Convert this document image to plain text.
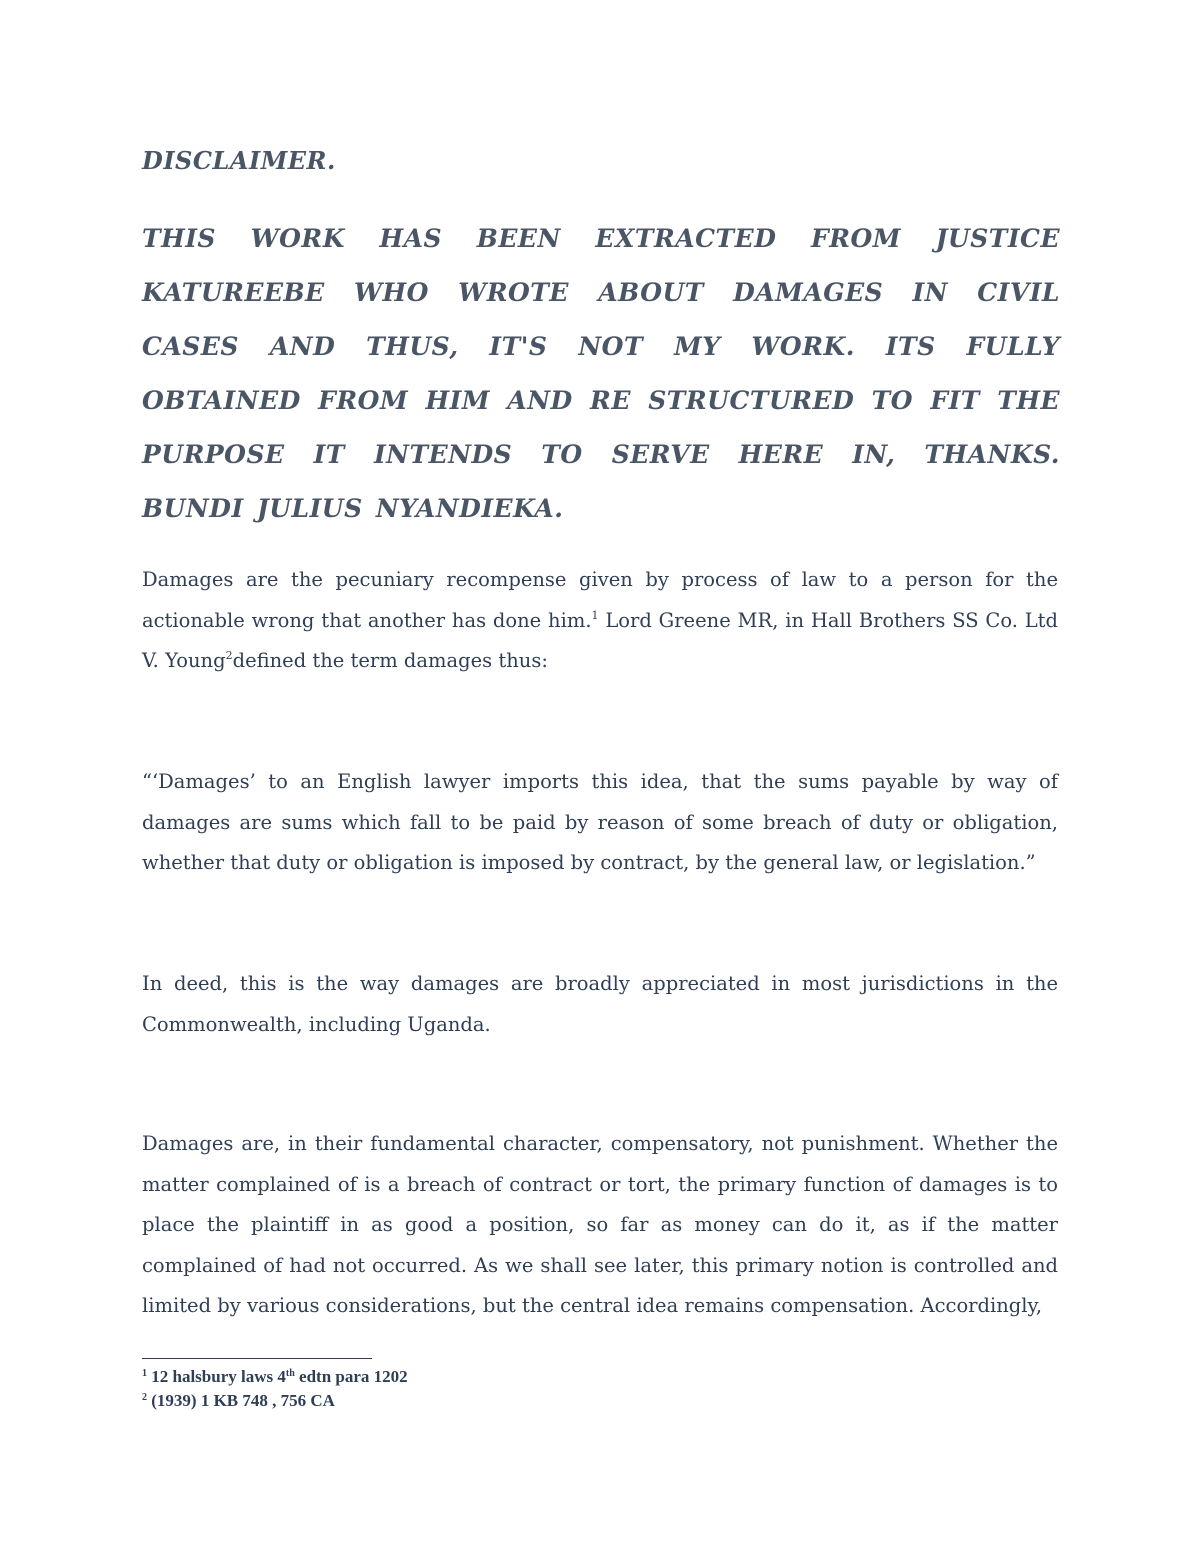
DISCLAIMER.
THIS WORK HAS BEEN EXTRACTED FROM JUSTICE KATUREEBE WHO WROTE ABOUT DAMAGES IN CIVIL CASES AND THUS, IT'S NOT MY WORK. ITS FULLY OBTAINED FROM HIM AND RE STRUCTURED TO FIT THE PURPOSE IT INTENDS TO SERVE HERE IN, THANKS. BUNDI JULIUS NYANDIEKA.

Damages are the pecuniary recompense given by process of law to a person for the actionable wrong that another has done him.$^1$ Lord Greene MR, in Hall Brothers SS Co. Ltd V. Young$^2$defined the term damages thus:

“‘Damages’ to an English lawyer imports this idea, that the sums payable by way of damages are sums which fall to be paid by reason of some breach of duty or obligation, whether that duty or obligation is imposed by contract, by the general law, or legislation.”

In deed, this is the way damages are broadly appreciated in most jurisdictions in the Commonwealth, including Uganda.

Damages are, in their fundamental character, compensatory, not punishment. Whether the matter complained of is a breach of contract or tort, the primary function of damages is to place the plaintiff in as good a position, so far as money can do it, as if the matter complained of had not occurred. As we shall see later, this primary notion is controlled and limited by various considerations, but the central idea remains compensation. Accordingly,

$^1$ 12 halsbury laws 4th edtn para 1202
$^2$ (1939) 1 KB 748 , 756 CA
